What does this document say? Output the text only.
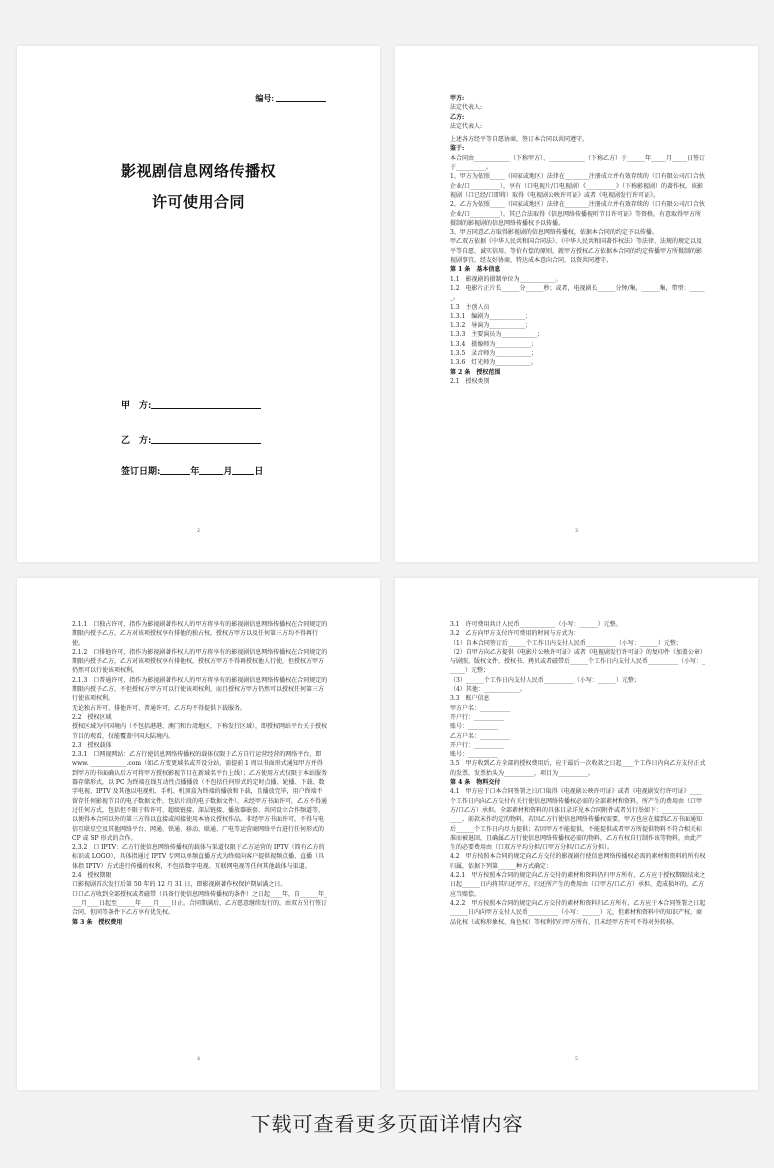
编号:
影视剧信息网络传播权
许可使用合同
甲　方:
乙　方:
签订日期:	年	月 日
2

甲方:

法定代表人:

乙方:

法定代表人:

上述各方经平等自愿协商，签订本合同以共同遵守。

鉴于:

本合同由____________（下称甲方）、____________（下称乙方）于______年_____月_____日签订于__________。

1、甲方为依照_____（国家或地区）法律在________注册成立并有效存续的（口有限公司/口合伙企业/口__________），享有（口电视片/口电视剧）《__________》（下称影视剧）的著作权，该影视剧（口已经/口即将）取得《电视剧公映许可证》或者《电视剧发行许可证》。

2、乙方为依照_____（国家或地区）法律在________注册成立并有效存续的（口有限公司/口合伙企业/口__________），其已合法取得《信息网络传播视听节目许可证》等资格，有意取得甲方所摄制的影视剧的信息网络传播权予以传播。

3、甲方同意乙方取得影视剧的信息网络传播权，依据本合同的约定予以传播。

甲乙双方依据《中华人民共和国合同法》、《中华人民共和国著作权法》等法律、法规的规定以及平等自愿、诚实信用、等价有偿的原则，就甲方授权乙方依据本合同的约定传播甲方所摄制的影视剧事宜，经友好协商，特达成本意向合同，以资共同遵守。

第 1 条　基本信息

1.1　影视剧的摄制单位为____________。

1.2　电影片正片长______分______秒；或者，电视剧长______分钟/集，______集，带型：______。

1.3　主创人员

1.3.1　编剧为____________；

1.3.2　导演为____________；

1.3.3　主要演员为____________；

1.3.4　摄像师为____________；

1.3.5　录音师为____________；

1.3.6　灯光师为____________。

第 2 条　授权范围

2.1　授权类别

3

2.1.1　口独占许可，指作为影视剧著作权人的甲方将享有的影视剧信息网络传播权在合同规定的期限内授予乙方，乙方对该项授权享有排他的独占权，授权方甲方以及任何第三方均不得再行使。

2.1.2　口排他许可，指作为影视剧著作权人的甲方将享有的影视剧信息网络传播权在合同规定的期限内授予乙方，乙方对该项授权享有排他权，授权方甲方不得再授权他人行使，但授权方甲方仍然可以行使该项权利。

2.1.3　口普通许可，指作为影视剧著作权人的甲方将享有的影视剧信息网络传播权在合同规定的期限内授予乙方，不但授权方甲方可以行使该项权利，而且授权方甲方仍然可以授权任何第三方行使该项权利。

无论独占许可、排他许可、普通许可，乙方均不得提供下载服务。

2.2　授权区域

授权区域为中国境内（不包括港港、澳门和台湾地区，下称发行区域），即授权网站平台关于授权节目的观看，仅能覆盖中国大陆境内。

2.3　授权载体

2.3.1　口网视网站：乙方行使信息网络传播权的载体仅限于乙方自行运营经营的网络平台，即 www. ____________.com（如乙方变更域名或开设分站，需提前 1 周以书面形式通知甲方并得到甲方的书面确认后方可将甲方授权影视节目在新域名平台上线）；乙方使用方式仅限于本站服务器存储形式，以 PC 为终端在线互动性点播播放（不包括任何形式的定时点播、轮播、下载、数字电视、IPTV 及其他以电视机、手机、机顶盒为终端的播放和下载，且播放完毕，用户终端不留存任何影视节目的电子数据文件，包括片段的电子数据文件），未经甲方书面许可，乙方不得通过任何方式，包括但不限于转许可、超级链接、深层链接、播放器嵌套、共同设立合作频道等，以便得本合同以外的第三方得以直接或间接使用本协议授权作品。非经甲方书面许可，不得与电信互联星空及其他网络平台、网通、铁通、移动、联通、广电等运营商网络平台进行任何形式的 CP 或 SP 形式的合作。

2.3.2　口 IPTV：乙方行使信息网络传播权的载体与渠道仅限于乙方运营的 IPTV（简有乙方的标识或 LOGO），具体指通过 IPTV 专网以单频直播方式为终端向客户提供视频点播、直播（具体指 IPTV）方式进行传播的权利，不包括数字电视、互联网电视等任何其他载体与渠道。

2.4　授权期限

口影视剧首次发行后第 50 年的 12 月 31 日，即影视剧著作权保护期届满之日。

口口乙方收到全部授权或者磁带（具备行使信息网络传播权的条件）之日起____年，自______年____月____日起至______年____月____日止。合同期满后，乙方愿意继续发行的，由双方另行签订合同，但同等条件下乙方享有优先权。

第 3 条　授权费用

4

3.1　许可费用共计人民币____________（小写：______）元整。

3.2　乙方向甲方支付许可费用的时间与方式为：

（1）自本合同签订后______个工作日内支付人民币__________（小写：______）元整；

（2）自甲方向乙方提供《电影片公映许可证》或者《电视剧发行许可证》的复印件（加盖公章）与剧照、版权文件、授权书、拷贝或者磁带后______个工作日内支付人民币__________（小写：______）元整；

（3）______个工作日内支付人民币__________（小写：______）元整；

（4）其他：____________。

3.3　账户信息

甲方户名：__________

开户行：__________

账号：__________

乙方户名：__________

开户行：__________

账号：__________

3.5　甲方收到乙方全部的授权费用后，应于最后一次收款之日起____个工作日内向乙方支付正式的发票，发票抬头为__________，项目为__________。

第 4 条　物料交付

4.1　甲方应于口本合同签署之日/口取得《电视剧公映许可证》或者《电视剧发行许可证》____个工作日内向乙方交付有关行使信息网络传播权必需的全部素材和资料，所产生的费用由（口甲方/口乙方）承担。全部素材和资料的具体目录详见本合同附件或者另行举如下：__________________。前款未作约定的物料，若因乙方行使信息网络传播权需要，甲方也应在接到乙方书面通知后______个工作日内尽力提供；若因甲方不能提供，不能提供或者甲方所提供物料不符合相关标准而被退回，且确属乙方行使信息网络传播权必需的物料，乙方有权自行制作该等物料，由此产生的必要费用由（口双方平均分担/口甲方分担/口乙方分担）。

4.2　甲方按照本合同的规定向乙方交付的影视剧行使信息网络传播权必需的素材和资料的所有权归属，依据下列第______种方式确定：

4.2.1　甲方按照本合同的规定向乙方交付的素材和资料仍归甲方所有，乙方应于授权期限结束之日起______日内将其归还甲方，归还所产生的费用由（口甲方/口乙方）承担，造成损坏的，乙方应当赔偿。

4.2.2　甲方按照本合同的规定向乙方交付的素材和资料归乙方所有，乙方应于本合同签署之日起______日内向甲方支付人民币__________（小写：______）元，但素材和资料中的知识产权、商品化权（或称形象权、角色权）等权利仍归甲方所有，且未经甲方许可不得对外转移。

5
下载可查看更多页面详情内容
